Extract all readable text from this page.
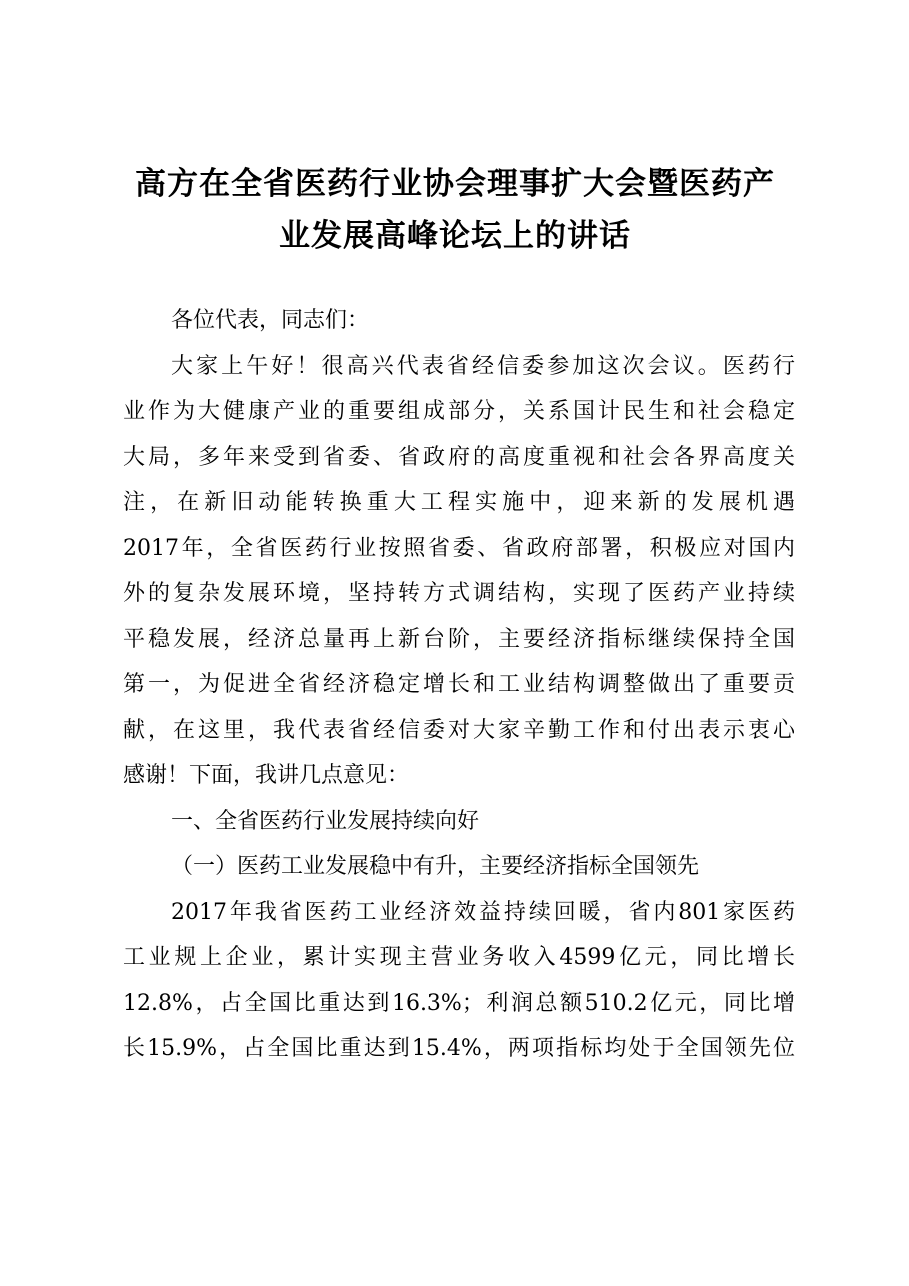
高方在全省医药行业协会理事扩大会暨医药产
业发展高峰论坛上的讲话
各位代表，同志们：
大家上午好！很高兴代表省经信委参加这次会议。医药行
业作为大健康产业的重要组成部分，关系国计民生和社会稳定
大局，多年来受到省委、省政府的高度重视和社会各界高度关
注，在新旧动能转换重大工程实施中，迎来新的发展机遇
2017年，全省医药行业按照省委、省政府部署，积极应对国内
外的复杂发展环境，坚持转方式调结构，实现了医药产业持续
平稳发展，经济总量再上新台阶，主要经济指标继续保持全国
第一，为促进全省经济稳定增长和工业结构调整做出了重要贡
献，在这里，我代表省经信委对大家辛勤工作和付出表示衷心
感谢！下面，我讲几点意见：
一、全省医药行业发展持续向好
（一）医药工业发展稳中有升，主要经济指标全国领先
2017年我省医药工业经济效益持续回暖，省内801家医药
工业规上企业，累计实现主营业务收入4599亿元，同比增长
12.8%，占全国比重达到16.3%；利润总额510.2亿元，同比增
长15.9%，占全国比重达到15.4%，两项指标均处于全国领先位
